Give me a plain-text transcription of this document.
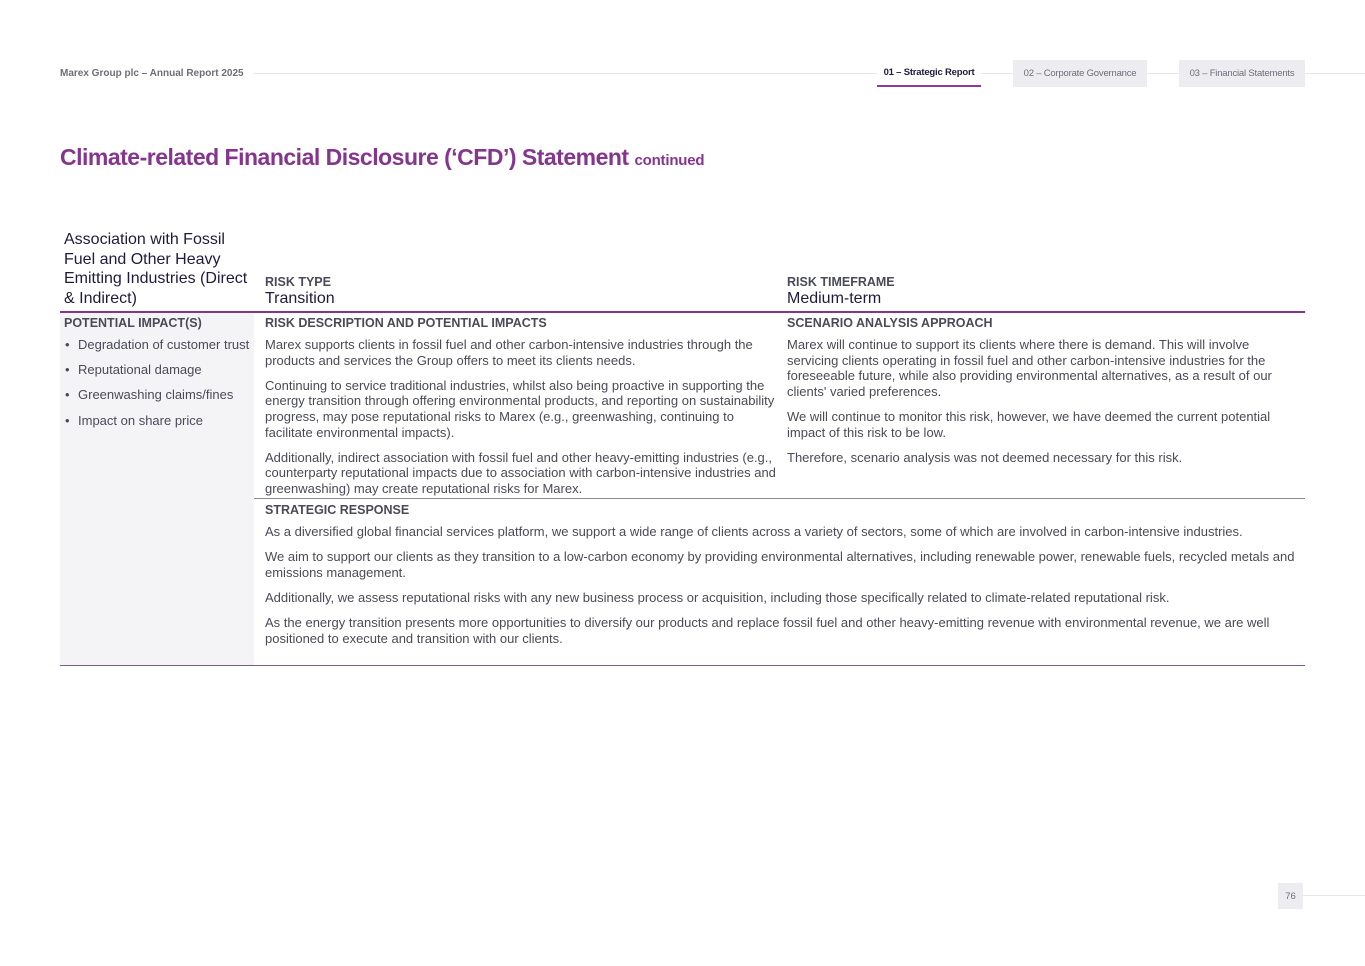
Marex Group plc – Annual Report 2025	01 – Strategic Report	02 – Corporate Governance	03 – Financial Statements
Climate-related Financial Disclosure (‘CFD’) Statement continued
Association with Fossil Fuel and Other Heavy Emitting Industries (Direct & Indirect)
RISK TYPE
Transition
RISK TIMEFRAME
Medium-term
POTENTIAL IMPACT(S)
• Degradation of customer trust
• Reputational damage
• Greenwashing claims/fines
• Impact on share price
RISK DESCRIPTION AND POTENTIAL IMPACTS

Marex supports clients in fossil fuel and other carbon-intensive industries through the products and services the Group offers to meet its clients needs.

Continuing to service traditional industries, whilst also being proactive in supporting the energy transition through offering environmental products, and reporting on sustainability progress, may pose reputational risks to Marex (e.g., greenwashing, continuing to facilitate environmental impacts).

Additionally, indirect association with fossil fuel and other heavy-emitting industries (e.g., counterparty reputational impacts due to association with carbon-intensive industries and greenwashing) may create reputational risks for Marex.

SCENARIO ANALYSIS APPROACH

Marex will continue to support its clients where there is demand. This will involve servicing clients operating in fossil fuel and other carbon-intensive industries for the foreseeable future, while also providing environmental alternatives, as a result of our clients' varied preferences.

We will continue to monitor this risk, however, we have deemed the current potential impact of this risk to be low.

Therefore, scenario analysis was not deemed necessary for this risk.

STRATEGIC RESPONSE

As a diversified global financial services platform, we support a wide range of clients across a variety of sectors, some of which are involved in carbon-intensive industries.

We aim to support our clients as they transition to a low-carbon economy by providing environmental alternatives, including renewable power, renewable fuels, recycled metals and emissions management.

Additionally, we assess reputational risks with any new business process or acquisition, including those specifically related to climate-related reputational risk.

As the energy transition presents more opportunities to diversify our products and replace fossil fuel and other heavy-emitting revenue with environmental revenue, we are well positioned to execute and transition with our clients.

76
